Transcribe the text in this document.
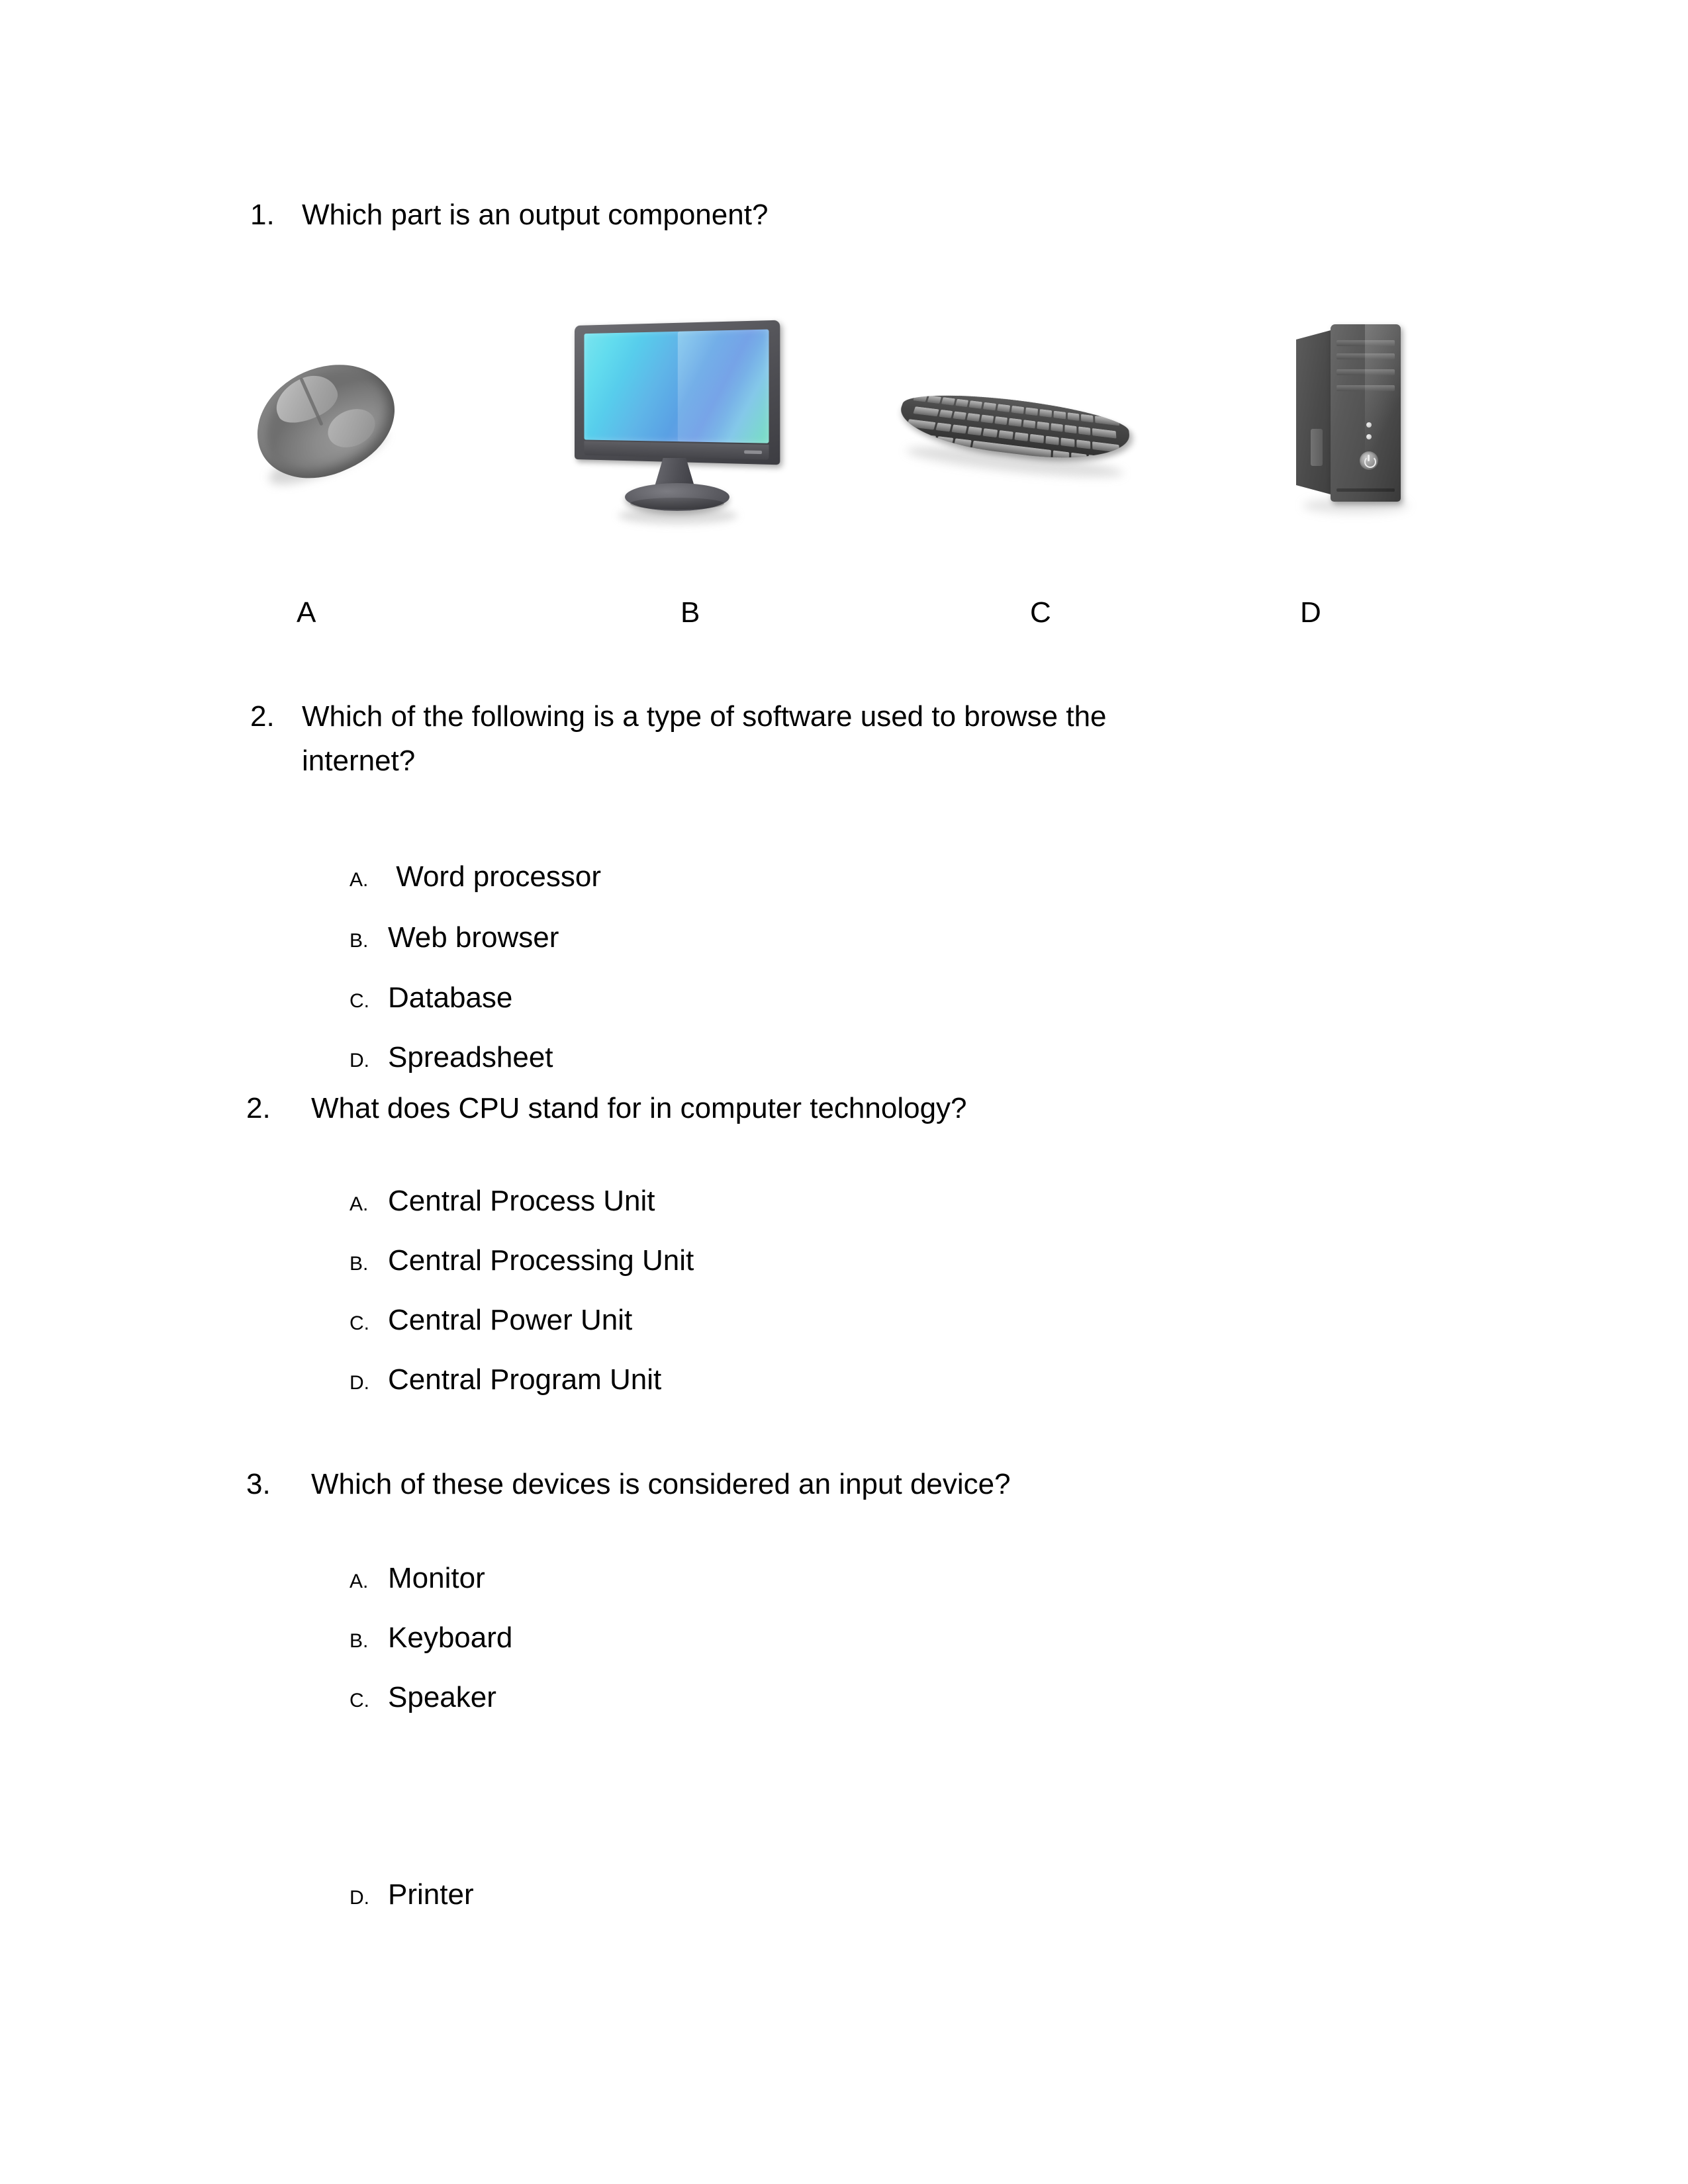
1. Which part is an output component?
A	B	C	D
2. Which of the following is a type of software used to browse the
internet?
A. Word processor
B. Web browser
C. Database
D. Spreadsheet
2.	What does CPU stand for in computer technology?
A. Central Process Unit
B. Central Processing Unit
C. Central Power Unit
D. Central Program Unit
3.	Which of these devices is considered an input device?
A. Monitor
B. Keyboard
C. Speaker
D. Printer
